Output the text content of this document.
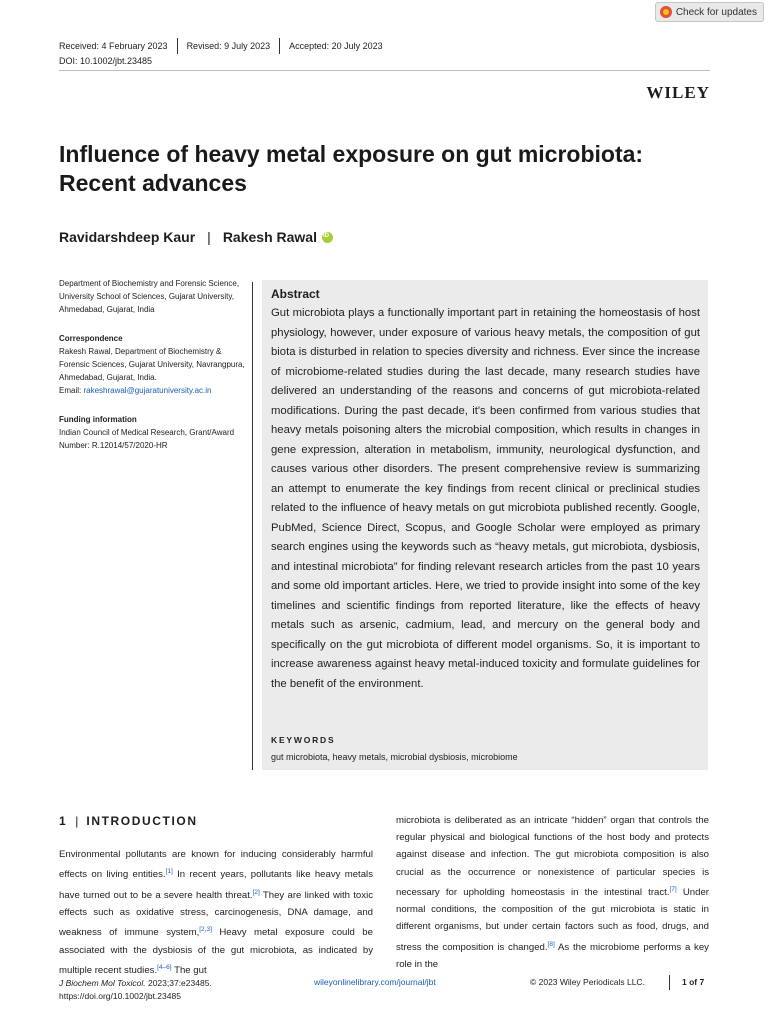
Check for updates
Received: 4 February 2023 Revised: 9 July 2023 Accepted: 20 July 2023
DOI: 10.1002/jbt.23485
WILEY
Influence of heavy metal exposure on gut microbiota: Recent advances
Ravidarshdeep Kaur | Rakesh Rawal
iD
Department of Biochemistry and Forensic Science, University School of Sciences, Gujarat University, Ahmedabad, Gujarat, India
Correspondence
Rakesh Rawal, Department of Biochemistry & Forensic Sciences, Gujarat University, Navrangpura, Ahmedabad, Gujarat, India.
Email: rakeshrawal@gujaratuniversity.ac.in
Funding information
Indian Council of Medical Research, Grant/Award Number: R.12014/57/2020-HR
Abstract
Gut microbiota plays a functionally important part in retaining the homeostasis of host physiology, however, under exposure of various heavy metals, the composition of gut biota is disturbed in relation to species diversity and richness. Ever since the increase of microbiome-related studies during the last decade, many research studies have delivered an understanding of the reasons and concerns of gut microbiota-related modifications. During the past decade, it's been confirmed from various studies that heavy metals poisoning alters the microbial composition, which results in changes in gene expression, alteration in metabolism, immunity, neurological dysfunction, and causes various other disorders. The present comprehensive review is summarizing an attempt to enumerate the key findings from recent clinical or preclinical studies related to the influence of heavy metals on gut microbiota published recently. Google, PubMed, Science Direct, Scopus, and Google Scholar were employed as primary search engines using the keywords such as “heavy metals, gut microbiota, dysbiosis, and intestinal microbiota” for finding relevant research articles from the past 10 years and some old important articles. Here, we tried to provide insight into some of the key timelines and scientific findings from reported literature, like the effects of heavy metals such as arsenic, cadmium, lead, and mercury on the general body and specifically on the gut microbiota of different model organisms. So, it is important to increase awareness against heavy metal-induced toxicity and formulate guidelines for the benefit of the environment.
KEYWORDS
gut microbiota, heavy metals, microbial dysbiosis, microbiome
1 | INTRODUCTION
Environmental pollutants are known for inducing considerably harmful effects on living entities.[1] In recent years, pollutants like heavy metals have turned out to be a severe health threat.[2] They are linked with toxic effects such as oxidative stress, carcinogenesis, DNA damage, and weakness of immune system,[2,3] Heavy metal exposure could be associated with the dysbiosis of the gut microbiota, as indicated by multiple recent studies.[4–6] The gut
microbiota is deliberated as an intricate “hidden” organ that controls the regular physical and biological functions of the host body and protects against disease and infection. The gut microbiota composition is also crucial as the occurrence or nonexistence of particular species is necessary for upholding homeostasis in the intestinal tract.[7] Under normal conditions, the composition of the gut microbiota is static in different organisms, but under certain factors such as food, drugs, and stress the composition is changed.[8] As the microbiome performs a key role in the
J Biochem Mol Toxicol. 2023;37:e23485.
https://doi.org/10.1002/jbt.23485
wileyonlinelibrary.com/journal/jbt	© 2023 Wiley Periodicals LLC.	1 of 7
